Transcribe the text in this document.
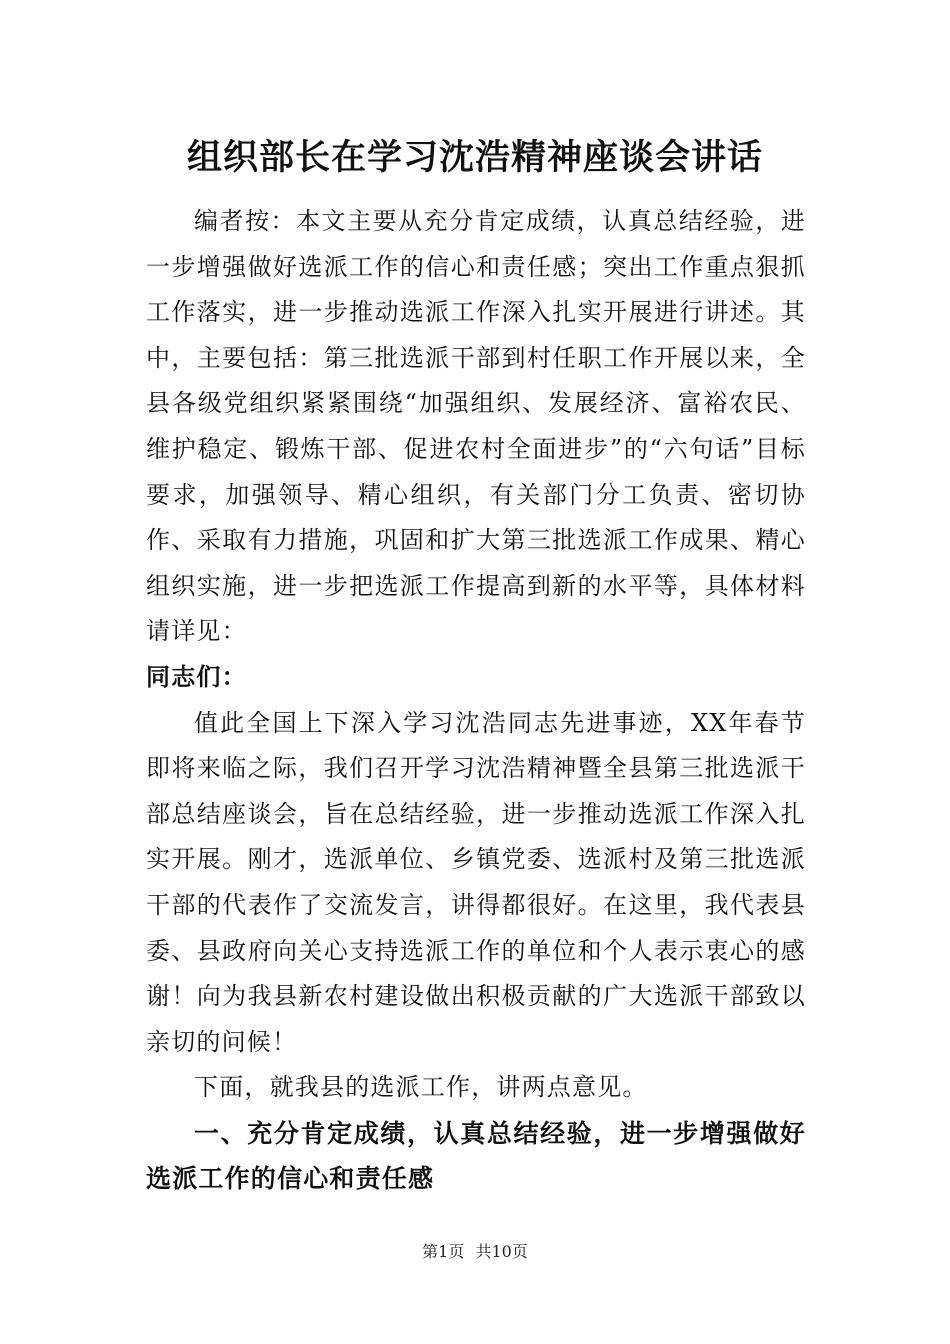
组织部长在学习沈浩精神座谈会讲话

编者按：本文主要从充分肯定成绩，认真总结经验，进一步增强做好选派工作的信心和责任感；突出工作重点狠抓工作落实，进一步推动选派工作深入扎实开展进行讲述。其中，主要包括：第三批选派干部到村任职工作开展以来，全县各级党组织紧紧围绕“加强组织、发展经济、富裕农民、维护稳定、锻炼干部、促进农村全面进步”的“六句话”目标要求，加强领导、精心组织，有关部门分工负责、密切协作、采取有力措施，巩固和扩大第三批选派工作成果、精心组织实施，进一步把选派工作提高到新的水平等，具体材料请详见：

同志们：

值此全国上下深入学习沈浩同志先进事迹，XX年春节即将来临之际，我们召开学习沈浩精神暨全县第三批选派干部总结座谈会，旨在总结经验，进一步推动选派工作深入扎实开展。刚才，选派单位、乡镇党委、选派村及第三批选派干部的代表作了交流发言，讲得都很好。在这里，我代表县委、县政府向关心支持选派工作的单位和个人表示衷心的感谢！向为我县新农村建设做出积极贡献的广大选派干部致以亲切的问候！

下面，就我县的选派工作，讲两点意见。

一、充分肯定成绩，认真总结经验，进一步增强做好选派工作的信心和责任感

第1页 共10页
